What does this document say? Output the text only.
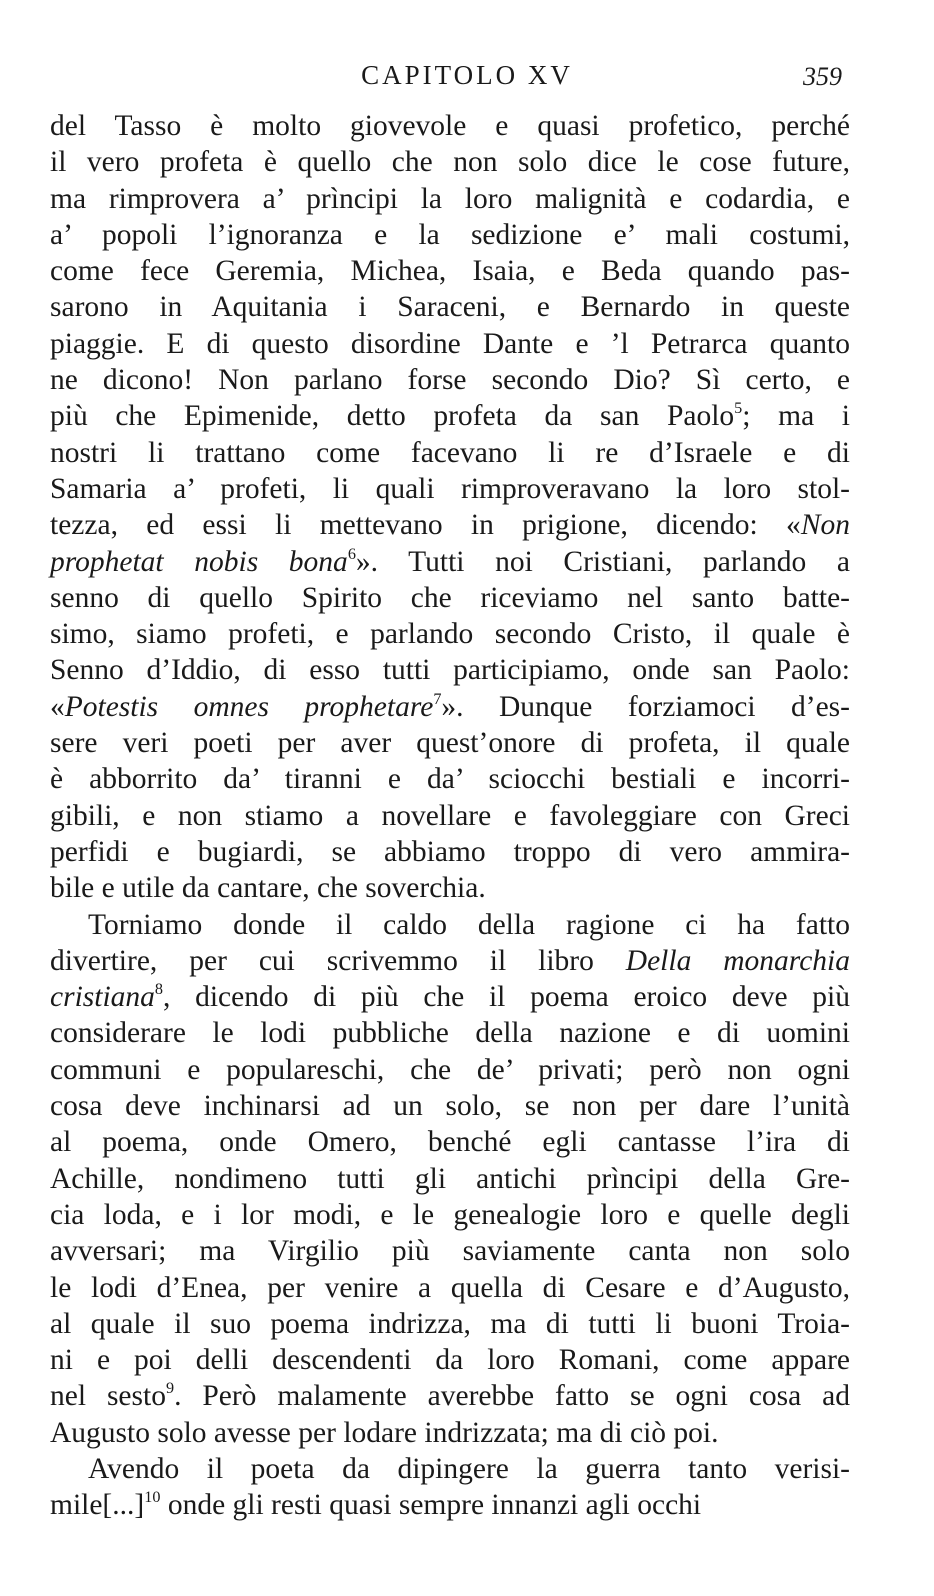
CAPITOLO XV	359
del Tasso è molto giovevole e quasi profetico, perché
il vero profeta è quello che non solo dice le cose future,
ma rimprovera a’ prìncipi la loro malignità e codardia, e
a’ popoli l’ignoranza e la sedizione e’ mali costumi,
come fece Geremia, Michea, Isaia, e Beda quando pas-
sarono in Aquitania i Saraceni, e Bernardo in queste
piaggie. E di questo disordine Dante e ’l Petrarca quanto
ne dicono! Non parlano forse secondo Dio? Sì certo, e
più che Epimenide, detto profeta da san Paolo$^5$; ma i
nostri li trattano come facevano li re d’Israele e di
Samaria a’ profeti, li quali rimproveravano la loro stol-
tezza, ed essi li mettevano in prigione, dicendo: «Non
prophetat nobis bona$^6$». Tutti noi Cristiani, parlando a
senno di quello Spirito che riceviamo nel santo batte-
simo, siamo profeti, e parlando secondo Cristo, il quale è
Senno d’Iddio, di esso tutti participiamo, onde san Paolo:
«Potestis omnes prophetare$^7$». Dunque forziamoci d’es-
sere veri poeti per aver quest’onore di profeta, il quale
è abborrito da’ tiranni e da’ sciocchi bestiali e incorri-
gibili, e non stiamo a novellare e favoleggiare con Greci
perfidi e bugiardi, se abbiamo troppo di vero ammira-
bile e utile da cantare, che soverchia.
Torniamo donde il caldo della ragione ci ha fatto
divertire, per cui scrivemmo il libro Della monarchia
cristiana$^8$, dicendo di più che il poema eroico deve più
considerare le lodi pubbliche della nazione e di uomini
communi e populareschi, che de’ privati; però non ogni
cosa deve inchinarsi ad un solo, se non per dare l’unità
al poema, onde Omero, benché egli cantasse l’ira di
Achille, nondimeno tutti gli antichi prìncipi della Gre-
cia loda, e i lor modi, e le genealogie loro e quelle degli
avversari; ma Virgilio più saviamente canta non solo
le lodi d’Enea, per venire a quella di Cesare e d’Augusto,
al quale il suo poema indrizza, ma di tutti li buoni Troia-
ni e poi delli descendenti da loro Romani, come appare
nel sesto$^9$. Però malamente averebbe fatto se ogni cosa ad
Augusto solo avesse per lodare indrizzata; ma di ciò poi.
Avendo il poeta da dipingere la guerra tanto verisi-
mile[...]$^{10}$ onde gli resti quasi sempre innanzi agli occhi
